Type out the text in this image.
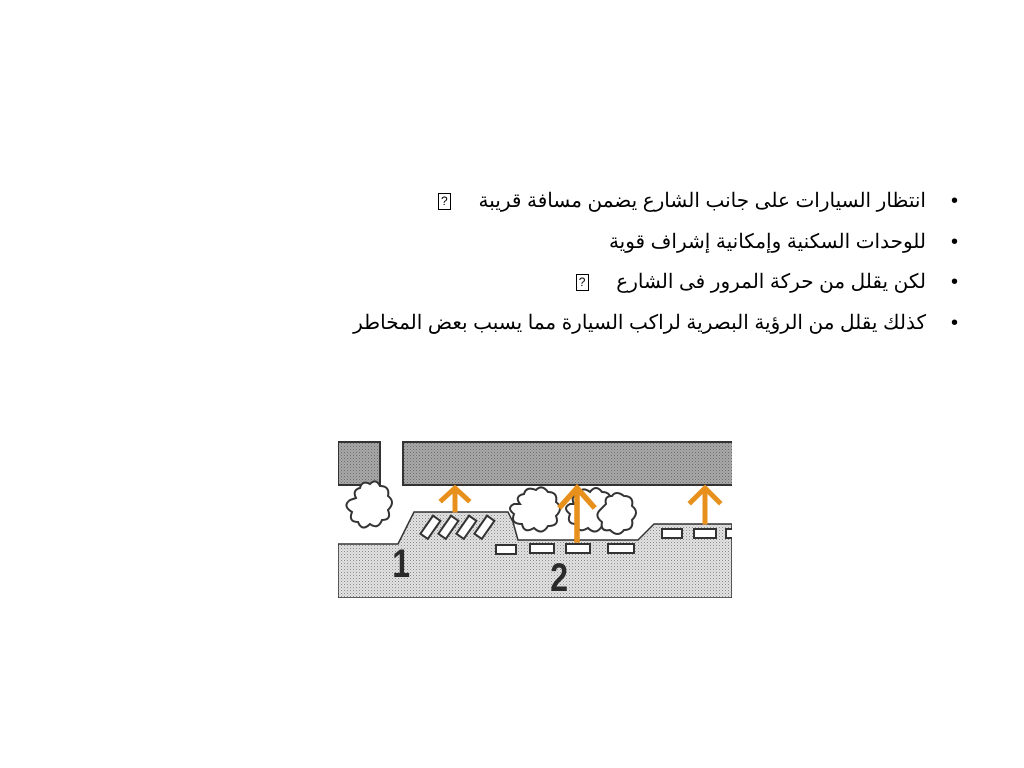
•
انتظار السيارات على جانب الشارع يضمن مسافة قريبة ?
•
للوحدات السكنية وإمكانية إشراف قوية
•
لكن يقلل من حركة المرور فى الشارع ?
•
كذلك يقلل من الرؤية البصرية لراكب السيارة مما يسبب بعض المخاطر
1	2
